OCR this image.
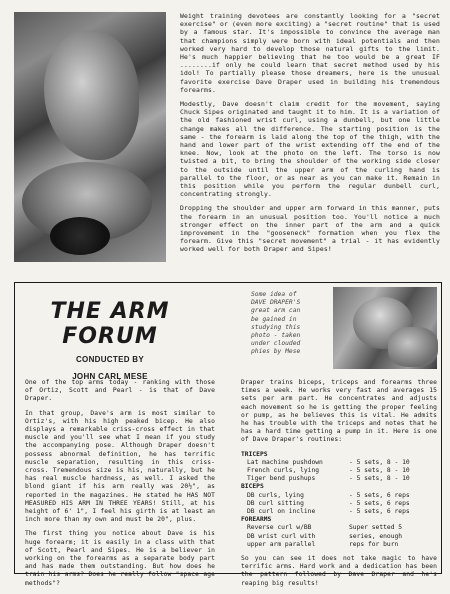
Weight training devotees are constantly looking for a "secret exercise" or (even more exciting) a "secret routine" that is used by a famous star. It's impossible to convince the average man that champions simply were born with ideal potentials and then worked very hard to develop those natural gifts to the limit. He's much happier believing that he too would be a great IF ........if only he could learn that secret method used by his idol! To partially please those dreamers, here is the unusual favorite exercise Dave Draper used in building his tremendous forearms.

Modestly, Dave doesn't claim credit for the movement, saying Chuck Sipes originated and taught it to him. It is a variation of the old fashioned wrist curl, using a dunbell, but one little change makes all the difference. The starting position is the same - the forearm is laid along the top of the thigh, with the hand and lower part of the wrist extending off the end of the knee. Now, look at the photo on the left. The torso is now twisted a bit, to bring the shoulder of the working side closer to the outside until the upper arm of the curling hand is parallel to the floor, or as near as you can make it. Remain in this position while you perform the regular dunbell curl, concentrating strongly.

Dropping the shoulder and upper arm forward in this manner, puts the forearm in an unusual position too. You'll notice a much stronger effect on the inner part of the arm and a quick improvement in the "gooseneck" formation when you flex the forearm. Give this "secret movement" a trial - it has evidently worked well for both Draper and Sipes!

THE ARM FORUM
CONDUCTED BY
JOHN CARL MESE
Some idea of
DAVE DRAPER'S
great arm can
be gained in
studying this
photo - taken
under clouded
phies by Mese

One of the top arms today - ranking with those of Ortiz, Scott and Pearl - is that of Dave Draper.

In that group, Dave's arm is most similar to Ortiz's, with his high peaked bicep. He also displays a remarkable criss-cross effect in that muscle and you'll see what I mean if you study the accompanying pose. Although Draper doesn't possess abnormal definition, he has terrific muscle separation, resulting in this criss-cross. Tremendous size is his, naturally, but he has real muscle hardness, as well. I asked the blond giant if his arm really was 20½", as reported in the magazines. He stated he HAS NOT MEASURED HIS ARM IN THREE YEARS! Still, at his height of 6' 1", I feel his girth is at least an inch more than my own and must be 20", plus.

The first thing you notice about Dave is his huge forearm; it is easily in a class with that of Scott, Pearl and Sipes. He is a believer in working on the forearms as a separate body part and has made them outstanding. But how does he train his arms? Does he really follow "space age methods"?

Draper trains biceps, triceps and forearms three times a week. He works very fast and averages 15 sets per arm part. He concentrates and adjusts each movement so he is getting the proper feeling or pump, as he believes this is vital. He admits he has trouble with the triceps and notes that he has a hard time getting a pump in it. Here is one of Dave Draper's routines:

TRICEPS
Lat machine pushdown	- 5 sets, 8 - 10
French curls, lying	- 5 sets, 8 - 10
Tiger bend pushups	- 5 sets, 8 - 10
BICEPS
DB curls, lying	- 5 sets, 6 reps
DB curl sitting	- 5 sets, 6 reps
DB curl on incline	- 5 sets, 6 reps
FOREARMS
Reverse curl w/BB	Super setted 5
DB wrist curl with	series, enough
upper arm parallel	reps for burn

So you can see it does not take magic to have terrific arms. Hard work and a dedication has been the pattern followed by Dave Draper and he's reaping big results!
